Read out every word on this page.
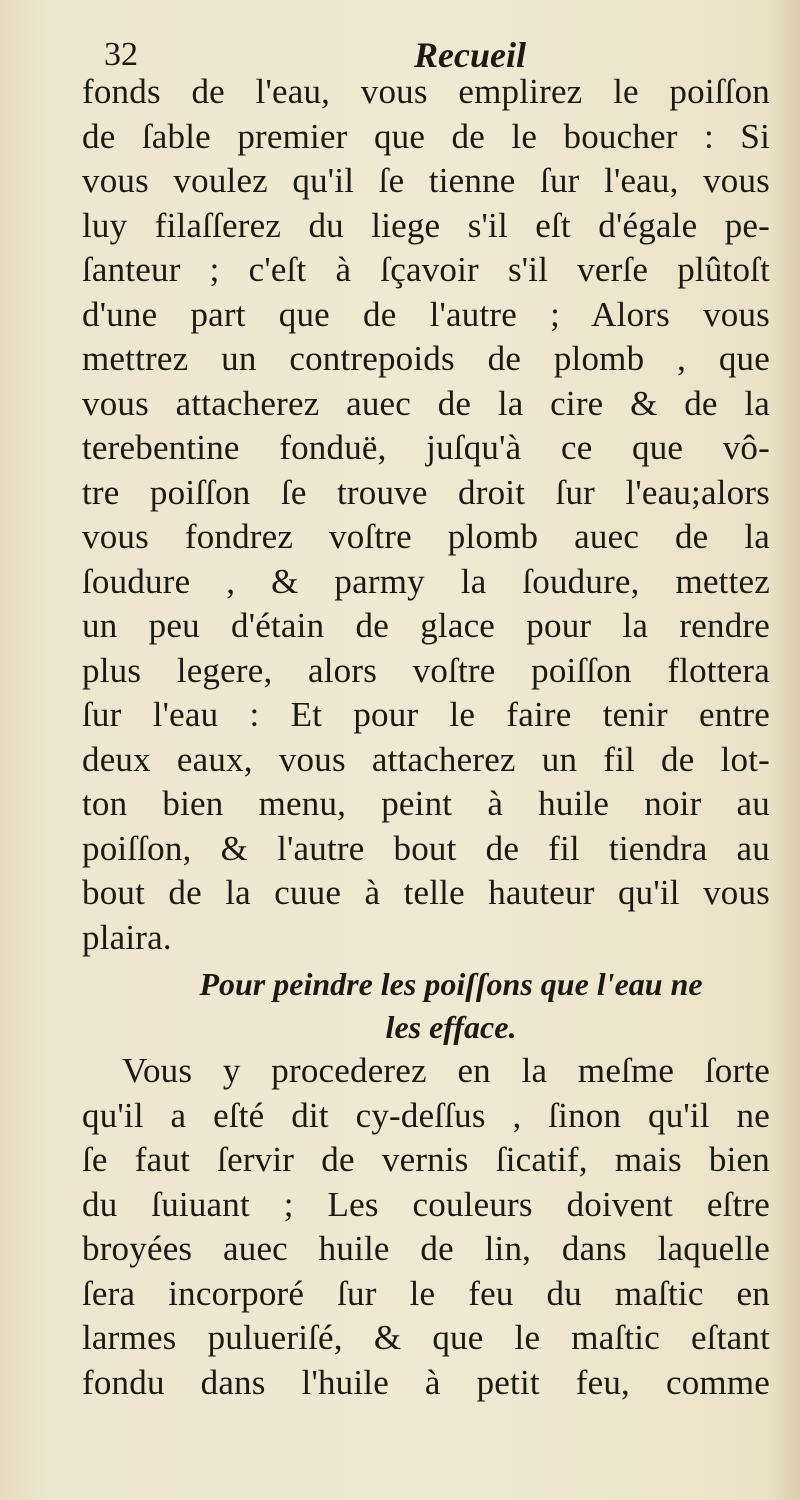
32	Recueil
fonds de l'eau, vous emplirez le poiſſon
de ſable premier que de le boucher : Si
vous voulez qu'il ſe tienne ſur l'eau, vous
luy filaſſerez du liege s'il eſt d'égale pe-
ſanteur ; c'eſt à ſçavoir s'il verſe plûtoſt
d'une part que de l'autre ; Alors vous
mettrez un contrepoids de plomb , que
vous attacherez auec de la cire & de la
terebentine fonduë, juſqu'à ce que vô-
tre poiſſon ſe trouve droit ſur l'eau;alors
vous fondrez voſtre plomb auec de la
ſoudure , & parmy la ſoudure, mettez
un peu d'étain de glace pour la rendre
plus legere, alors voſtre poiſſon flottera
ſur l'eau : Et pour le faire tenir entre
deux eaux, vous attacherez un fil de lot-
ton bien menu, peint à huile noir au
poiſſon, & l'autre bout de fil tiendra au
bout de la cuue à telle hauteur qu'il vous
plaira.
Pour peindre les poiſſons que l'eau ne
les efface.
Vous y procederez en la meſme ſorte
qu'il a eſté dit cy-deſſus , ſinon qu'il ne
ſe faut ſervir de vernis ſicatif, mais bien
du ſuiuant ; Les couleurs doivent eſtre
broyées auec huile de lin, dans laquelle
ſera incorporé ſur le feu du maſtic en
larmes pulueriſé, & que le maſtic eſtant
fondu dans l'huile à petit feu, comme
